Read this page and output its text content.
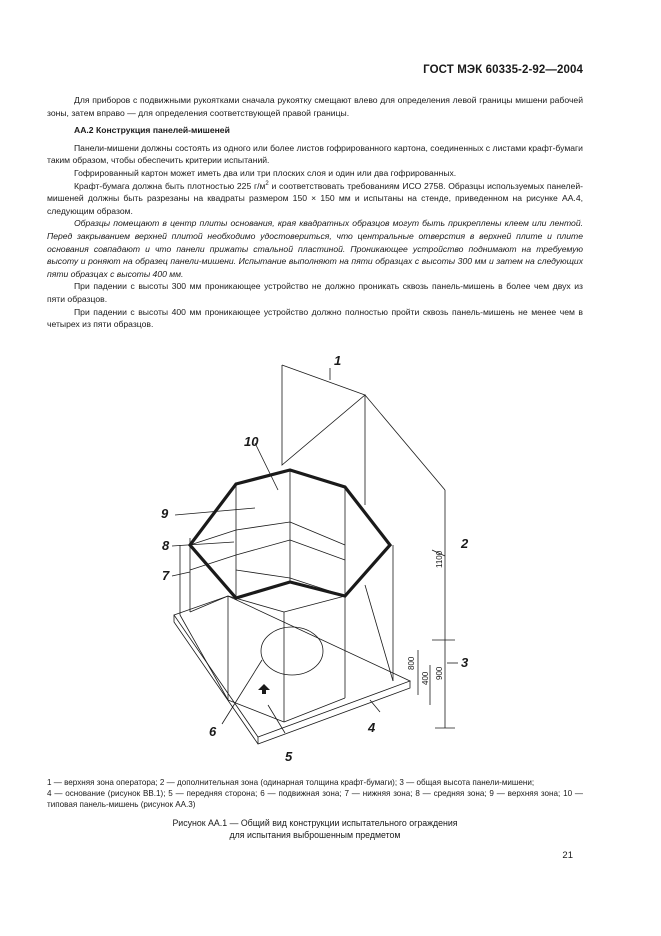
ГОСТ МЭК 60335-2-92—2004

Для приборов с подвижными рукоятками сначала рукоятку смещают влево для определения левой границы мишени рабочей зоны, затем вправо — для определения соответствующей правой границы.

АА.2 Конструкция панелей-мишеней

Панели-мишени должны состоять из одного или более листов гофрированного картона, соединенных с листами крафт-бумаги таким образом, чтобы обеспечить критерии испытаний.

Гофрированный картон может иметь два или три плоских слоя и один или два гофрированных.

Крафт-бумага должна быть плотностью 225 $г/м^2$ и соответствовать требованиям ИСО 2758. Образцы используемых панелей-мишеней должны быть разрезаны на квадраты размером 150 × 150 мм и испытаны на стенде, приведенном на рисунке АА.4, следующим образом.

Образцы помещают в центр плиты основания, края квадратных образцов могут быть прикреплены клеем или лентой. Перед закрыванием верхней плитой необходимо удостовериться, что центральные отверстия в верхней плите и плите основания совпадают и что панели прижаты стальной пластиной. Проникающее устройство поднимают на требуемую высоту и роняют на образец панели-мишени. Испытание выполняют на пяти образцах с высоты 300 мм и затем на следующих пяти образцах с высоты 400 мм.

При падении с высоты 300 мм проникающее устройство не должно проникать сквозь панель-мишень в более чем двух из пяти образцов.

При падении с высоты 400 мм проникающее устройство должно полностью пройти сквозь панель-мишень не менее чем в четырех из пяти образцов.

1
2
3
4
5
6
7
8
9
10
1100
900
400
800

1 — верхняя зона оператора; 2 — дополнительная зона (одинарная толщина крафт-бумаги); 3 — общая высота панели-мишени;

4 — основание (рисунок ВВ.1); 5 — передняя сторона; 6 — подвижная зона; 7 — нижняя зона; 8 — средняя зона; 9 — верхняя зона; 10 — типовая панель-мишень (рисунок АА.3)

Рисунок АА.1 — Общий вид конструкции испытательного ограждения

для испытания выброшенным предметом

21
